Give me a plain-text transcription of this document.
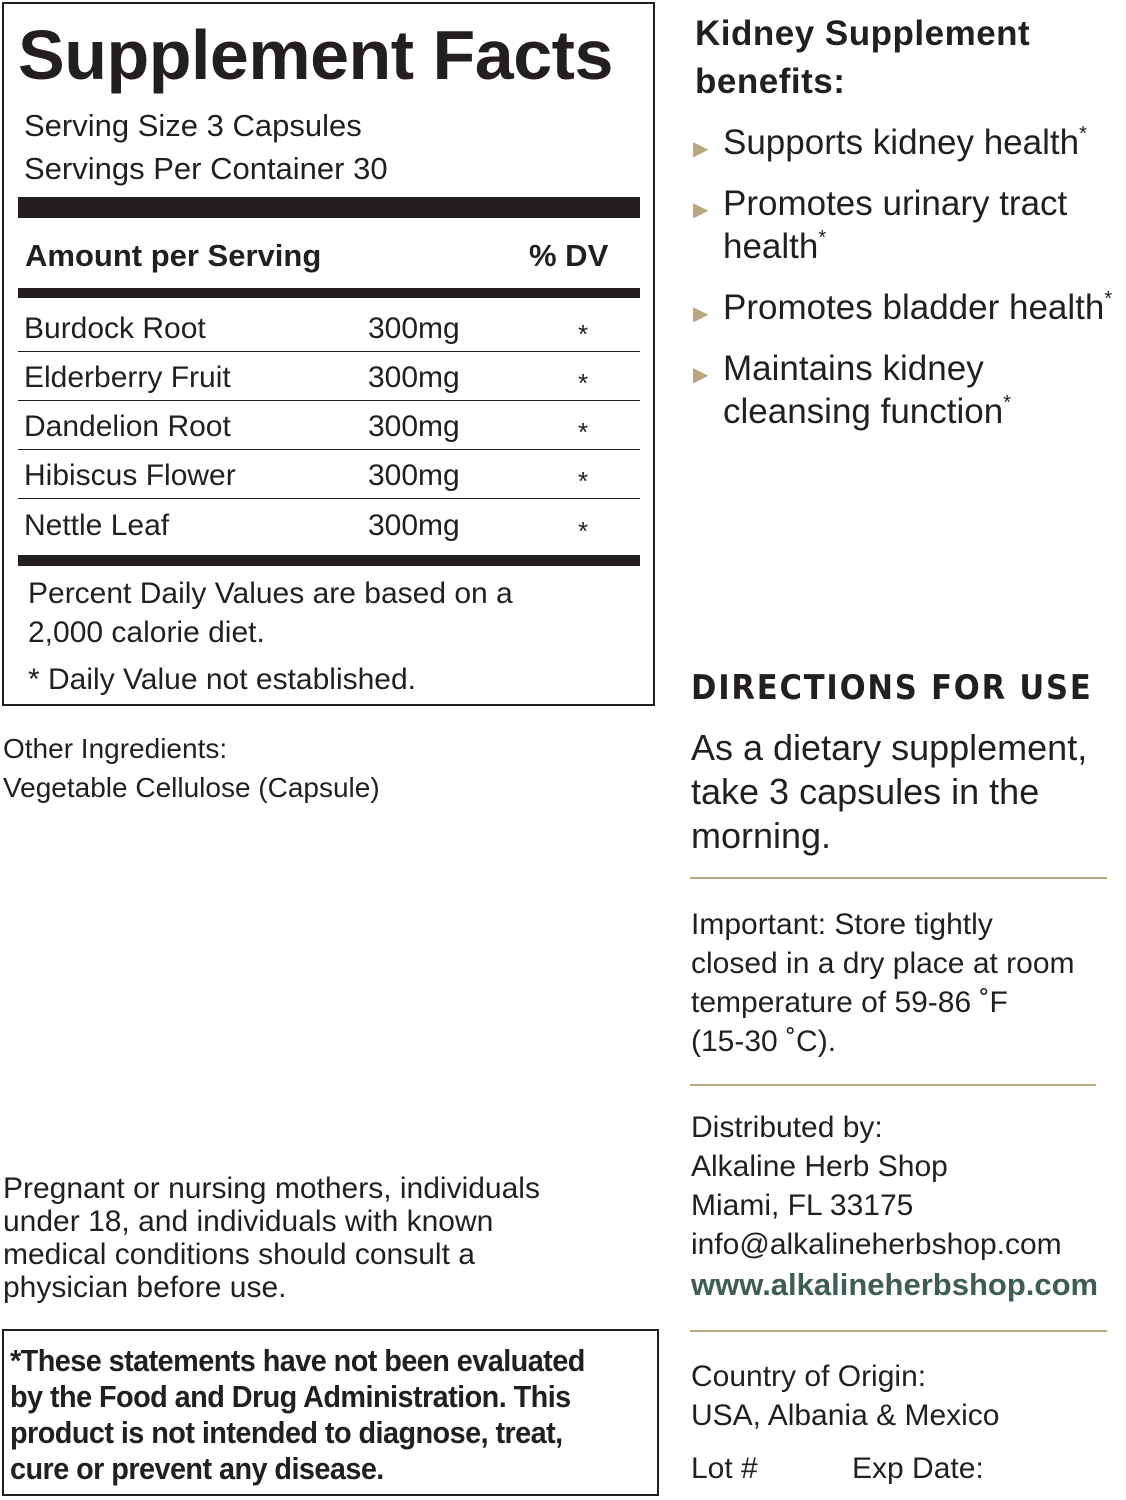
Supplement Facts
Serving Size 3 Capsules
Servings Per Container 30
Amount per Serving	% DV
Burdock Root	300mg	*
Elderberry Fruit	300mg	*
Dandelion Root	300mg	*
Hibiscus Flower	300mg	*
Nettle Leaf	300mg	*
Percent Daily Values are based on a
2,000 calorie diet.
* Daily Value not established.
Other Ingredients:
Vegetable Cellulose (Capsule)
Pregnant or nursing mothers, individuals
under 18, and individuals with known
medical conditions should consult a
physician before use.
*These statements have not been evaluated
by the Food and Drug Administration. This
product is not intended to diagnose, treat,
cure or prevent any disease.
Kidney Supplement
benefits:
▶ Supports kidney health*
▶ Promotes urinary tract
health*
▶ Promotes bladder health*
▶ Maintains kidney
cleansing function*
DIRECTIONS FOR USE
As a dietary supplement,
take 3 capsules in the
morning.
Important: Store tightly
closed in a dry place at room
temperature of 59-86 ˚F
(15-30 ˚C).
Distributed by:
Alkaline Herb Shop
Miami, FL 33175
info@alkalineherbshop.com
www.alkalineherbshop.com
Country of Origin:
USA, Albania & Mexico
Lot #	Exp Date:
